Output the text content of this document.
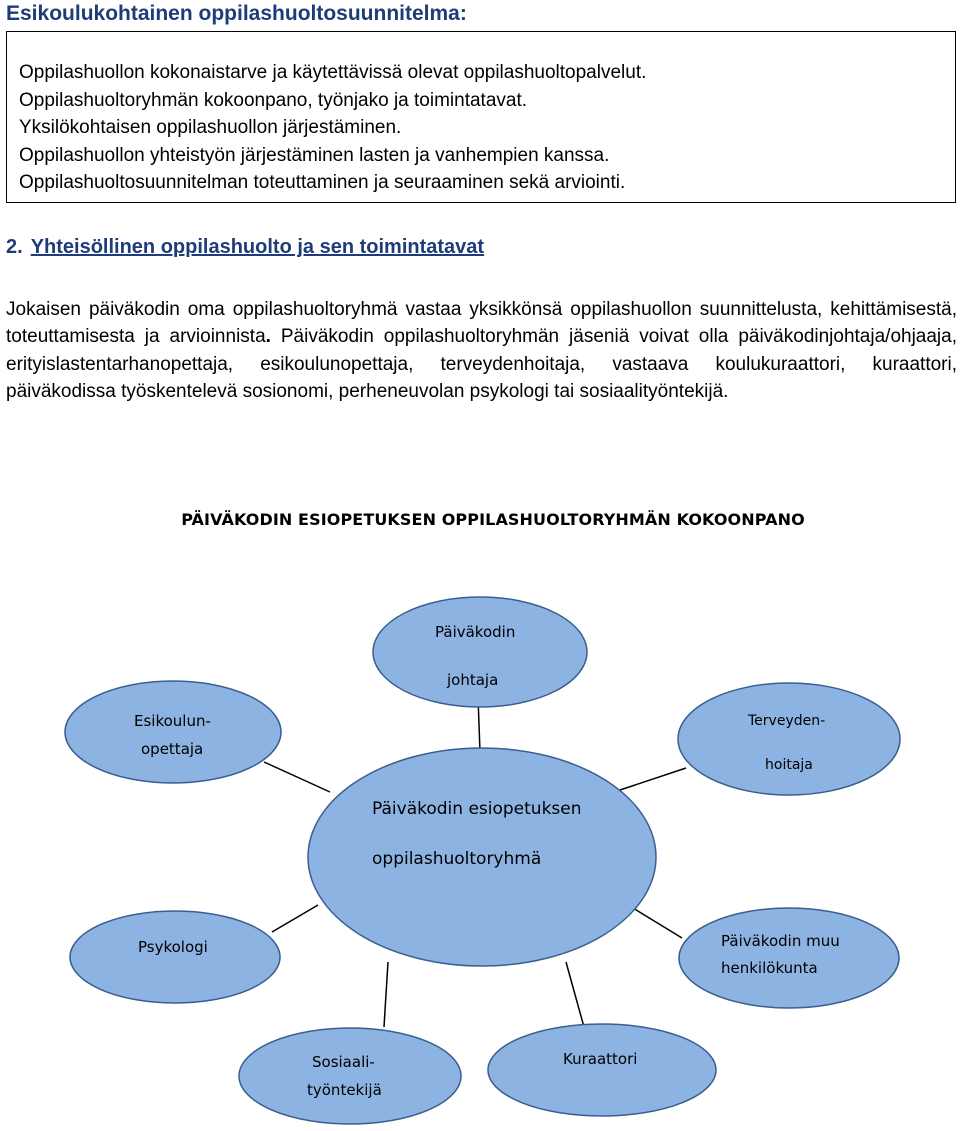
Esikoulukohtainen oppilashuoltosuunnitelma:
Oppilashuollon kokonaistarve ja käytettävissä olevat oppilashuoltopalvelut.
Oppilashuoltoryhmän kokoonpano, työnjako ja toimintatavat.
Yksilökohtaisen oppilashuollon järjestäminen.
Oppilashuollon yhteistyön järjestäminen lasten ja vanhempien kanssa.
Oppilashuoltosuunnitelman toteuttaminen ja seuraaminen sekä arviointi.
2. Yhteisöllinen oppilashuolto ja sen toimintatavat
Jokaisen päiväkodin oma oppilashuoltoryhmä vastaa yksikkönsä oppilashuollon suunnittelusta, kehittämisestä, toteuttamisesta ja arvioinnista. Päiväkodin oppilashuoltoryhmän jäseniä voivat olla päiväkodinjohtaja/ohjaaja, erityislastentarhanopettaja, esikoulunopettaja, terveydenhoitaja, vastaava koulukuraattori, kuraattori, päiväkodissa työskentelevä sosionomi, perheneuvolan psykologi tai sosiaalityöntekijä.
PÄIVÄKODIN ESIOPETUKSEN OPPILASHUOLTORYHMÄN KOKOONPANO
Päiväkodin esiopetuksen
oppilashuoltoryhmä
Päiväkodin
johtaja
Esikoulun-
opettaja
Terveyden-
hoitaja
Psykologi	Päiväkodin muu
henkilökunta
Sosiaali-
työntekijä
Kuraattori
